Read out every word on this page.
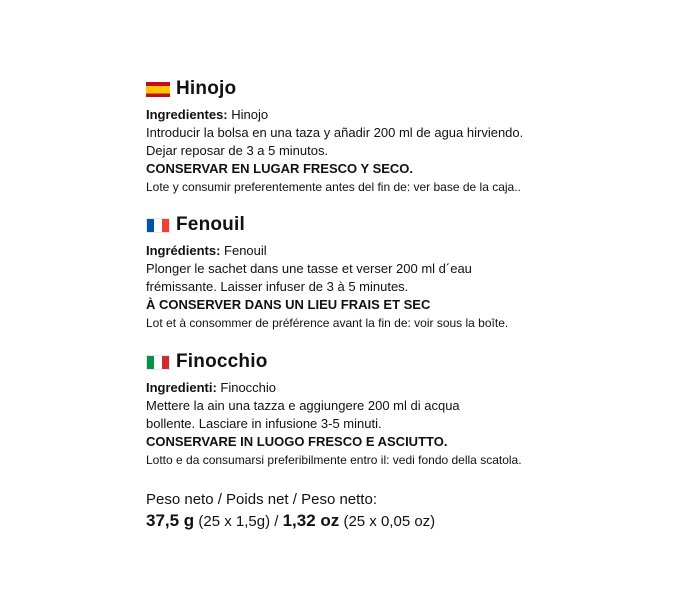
Hinojo
Ingredientes: Hinojo
Introducir la bolsa en una taza y añadir 200 ml de agua hirviendo.
Dejar reposar de 3 a 5 minutos.
CONSERVAR EN LUGAR FRESCO Y SECO.
Lote y consumir preferentemente antes del fin de: ver base de la caja..
Fenouil
Ingrédients: Fenouil
Plonger le sachet dans une tasse et verser 200 ml d´eau
frémissante. Laisser infuser de 3 à 5 minutes.
À CONSERVER DANS UN LIEU FRAIS ET SEC
Lot et à consommer de préférence avant la fin de: voir sous la boîte.
Finocchio
Ingredienti: Finocchio
Mettere la ain una tazza e aggiungere 200 ml di acqua
bollente. Lasciare in infusione 3-5 minuti.
CONSERVARE IN LUOGO FRESCO E ASCIUTTO.
Lotto e da consumarsi preferibilmente entro il: vedi fondo della scatola.
Peso neto / Poids net / Peso netto:
37,5 g (25 x 1,5g) / 1,32 oz (25 x 0,05 oz)
